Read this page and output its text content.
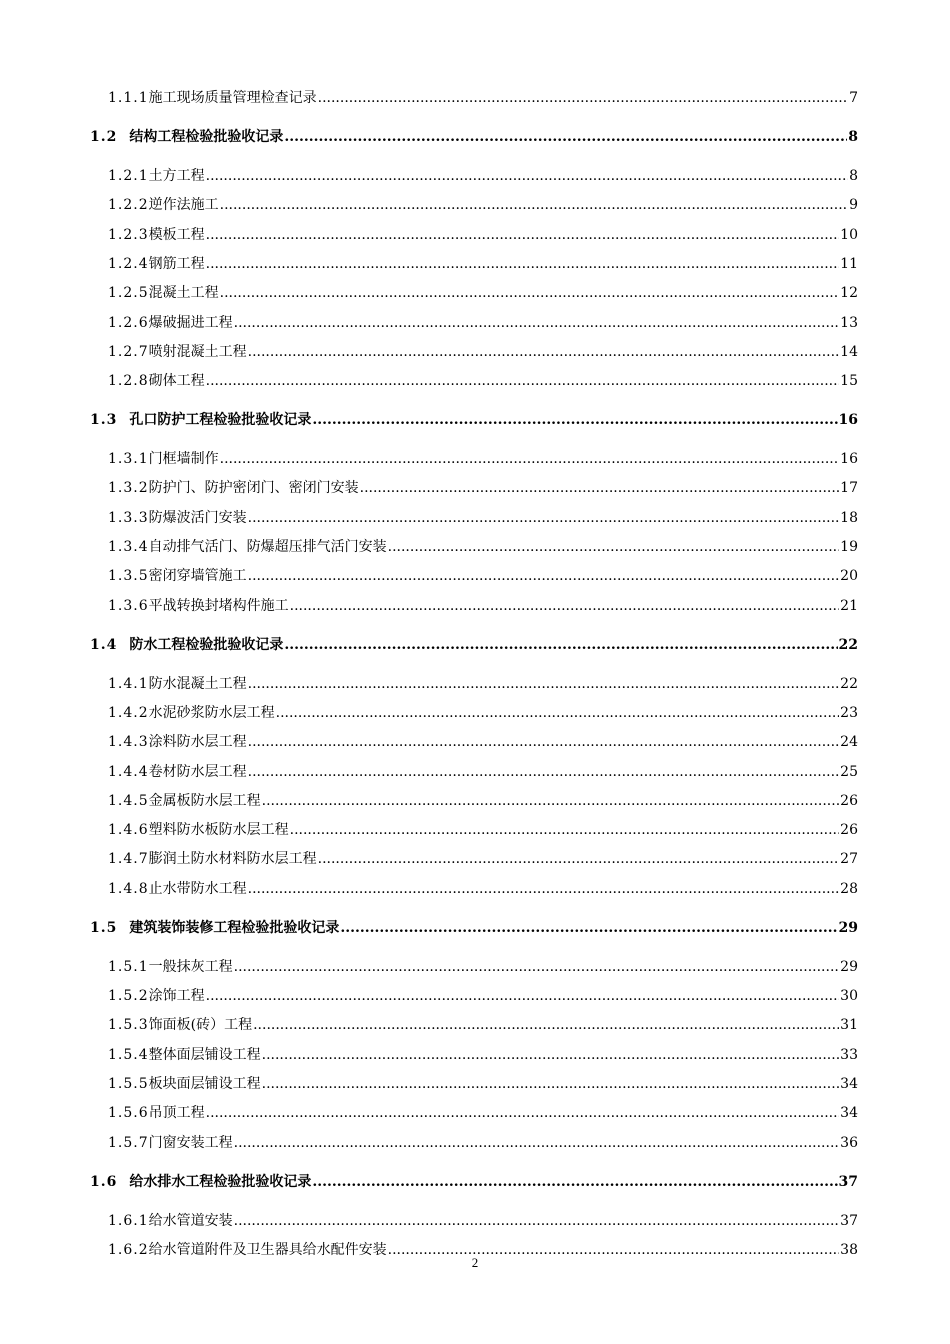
1.1.1 施工现场质量管理检查记录 .....	7
1.2 结构工程检验批验收记录 .....	8
1.2.1 土方工程 .....	8
1.2.2 逆作法施工 .....	9
1.2.3 模板工程 .....	10
1.2.4 钢筋工程 .....	11
1.2.5 混凝土工程 .....	12
1.2.6 爆破掘进工程 .....	13
1.2.7 喷射混凝土工程 .....	14
1.2.8 砌体工程 .....	15
1.3 孔口防护工程检验批验收记录 .....	16
1.3.1 门框墙制作 .....	16
1.3.2 防护门、防护密闭门、密闭门安装 .....	17
1.3.3 防爆波活门安装 .....	18
1.3.4 自动排气活门、防爆超压排气活门安装 .....	19
1.3.5 密闭穿墙管施工 .....	20
1.3.6 平战转换封堵构件施工 .....	21
1.4 防水工程检验批验收记录 .....	22
1.4.1 防水混凝土工程 .....	22
1.4.2 水泥砂浆防水层工程 .....	23
1.4.3 涂料防水层工程 .....	24
1.4.4 卷材防水层工程 .....	25
1.4.5 金属板防水层工程 .....	26
1.4.6 塑料防水板防水层工程 .....	26
1.4.7 膨润土防水材料防水层工程 .....	27
1.4.8 止水带防水工程 .....	28
1.5 建筑装饰装修工程检验批验收记录 .....	29
1.5.1 一般抹灰工程 .....	29
1.5.2 涂饰工程 .....	30
1.5.3 饰面板(砖）工程 .....	31
1.5.4 整体面层铺设工程 .....	33
1.5.5 板块面层铺设工程 .....	34
1.5.6 吊顶工程 .....	34
1.5.7 门窗安装工程 .....	36
1.6 给水排水工程检验批验收记录 .....	37
1.6.1 给水管道安装 .....	37
1.6.2 给水管道附件及卫生器具给水配件安装 .....	38
2
